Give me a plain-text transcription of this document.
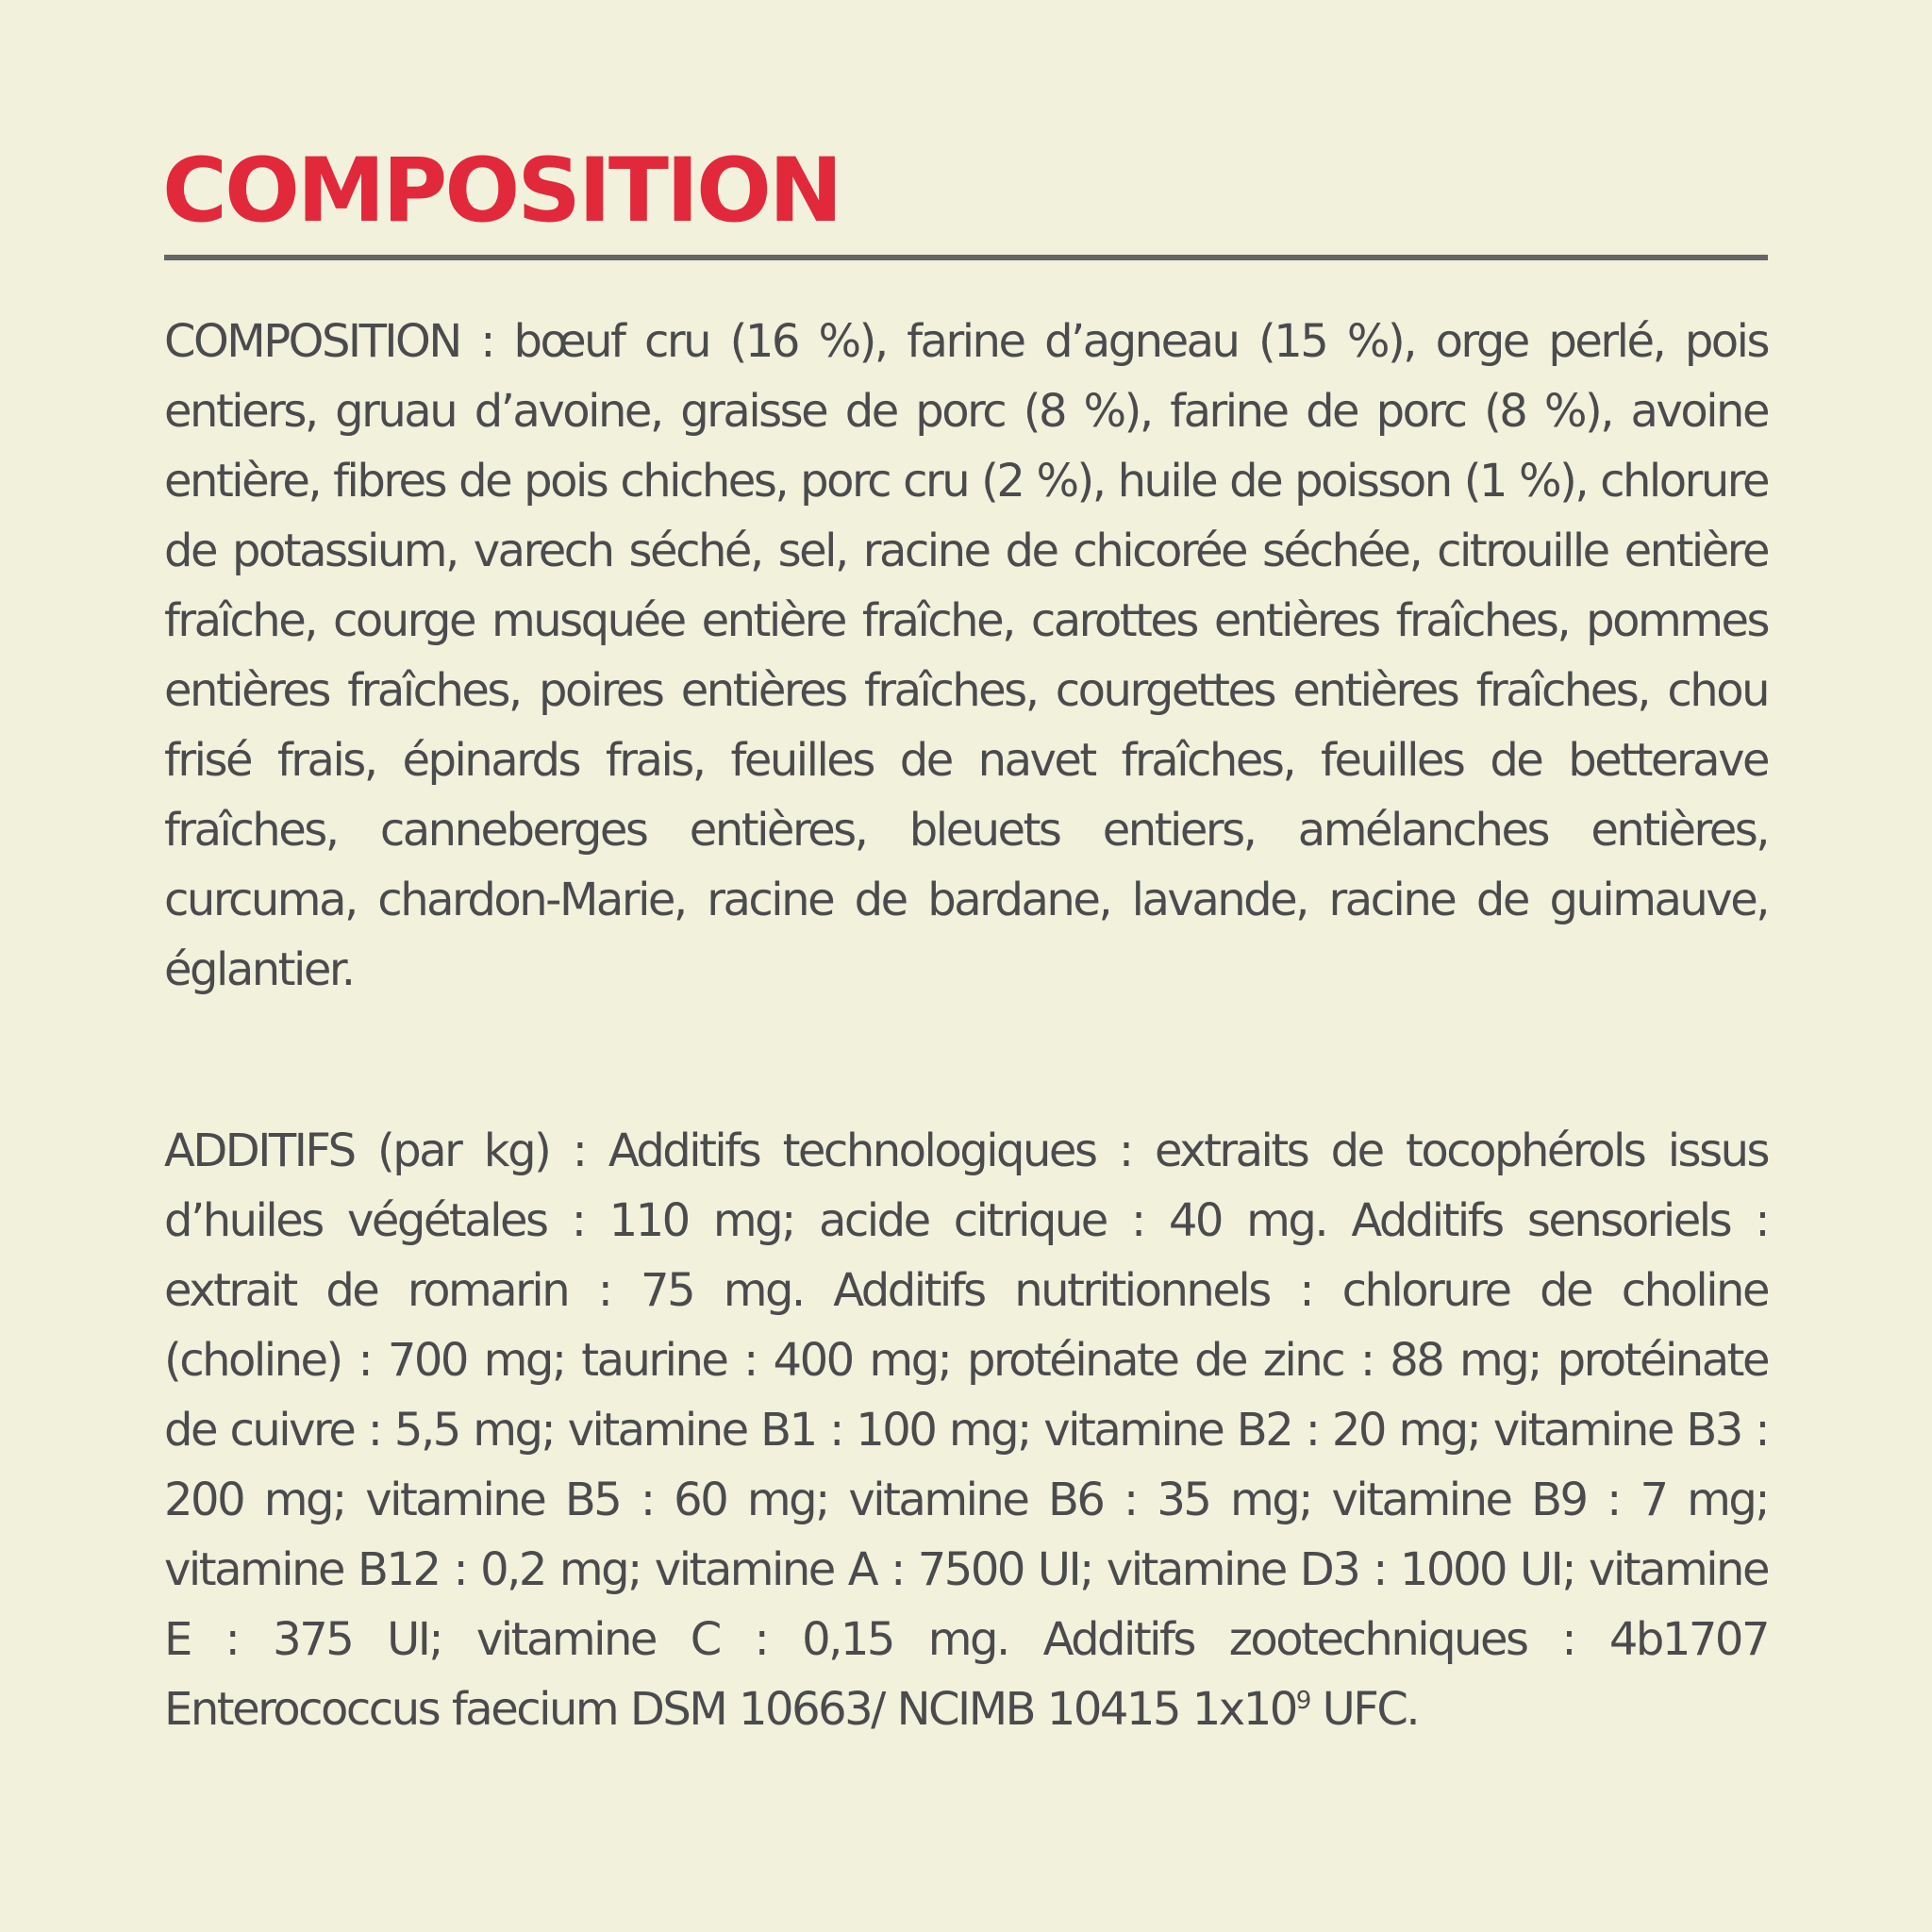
COMPOSITION

COMPOSITION : bœuf cru (16 %), farine d’agneau (15 %), orge perlé, pois entiers, gruau d’avoine, graisse de porc (8 %), farine de porc (8 %), avoine entière, fibres de pois chiches, porc cru (2 %), huile de poisson (1 %), chlorure de potassium, varech séché, sel, racine de chicorée séchée, citrouille entière fraîche, courge musquée entière fraîche, carottes entières fraîches, pommes entières fraîches, poires entières fraîches, courgettes entières fraîches, chou frisé frais, épinards frais, feuilles de navet fraîches, feuilles de betterave fraîches, canneberges entières, bleuets entiers, amélanches entières, curcuma, chardon-Marie, racine de bardane, lavande, racine de guimauve, églantier.

ADDITIFS (par kg) : Additifs technologiques : extraits de tocophérols issus d’huiles végétales : 110 mg; acide citrique : 40 mg. Additifs sensoriels : extrait de romarin : 75 mg. Additifs nutritionnels : chlorure de choline (choline) : 700 mg; taurine : 400 mg; protéinate de zinc : 88 mg; protéinate de cuivre : 5,5 mg; vitamine B1 : 100 mg; vitamine B2 : 20 mg; vitamine B3 : 200 mg; vitamine B5 : 60 mg; vitamine B6 : 35 mg; vitamine B9 : 7 mg; vitamine B12 : 0,2 mg; vitamine A : 7500 UI; vitamine D3 : 1000 UI; vitamine E : 375 UI; vitamine C : 0,15 mg. Additifs zootechniques : 4b1707 Enterococcus faecium DSM 10663/ NCIMB 10415 $1x10^9$ UFC.
